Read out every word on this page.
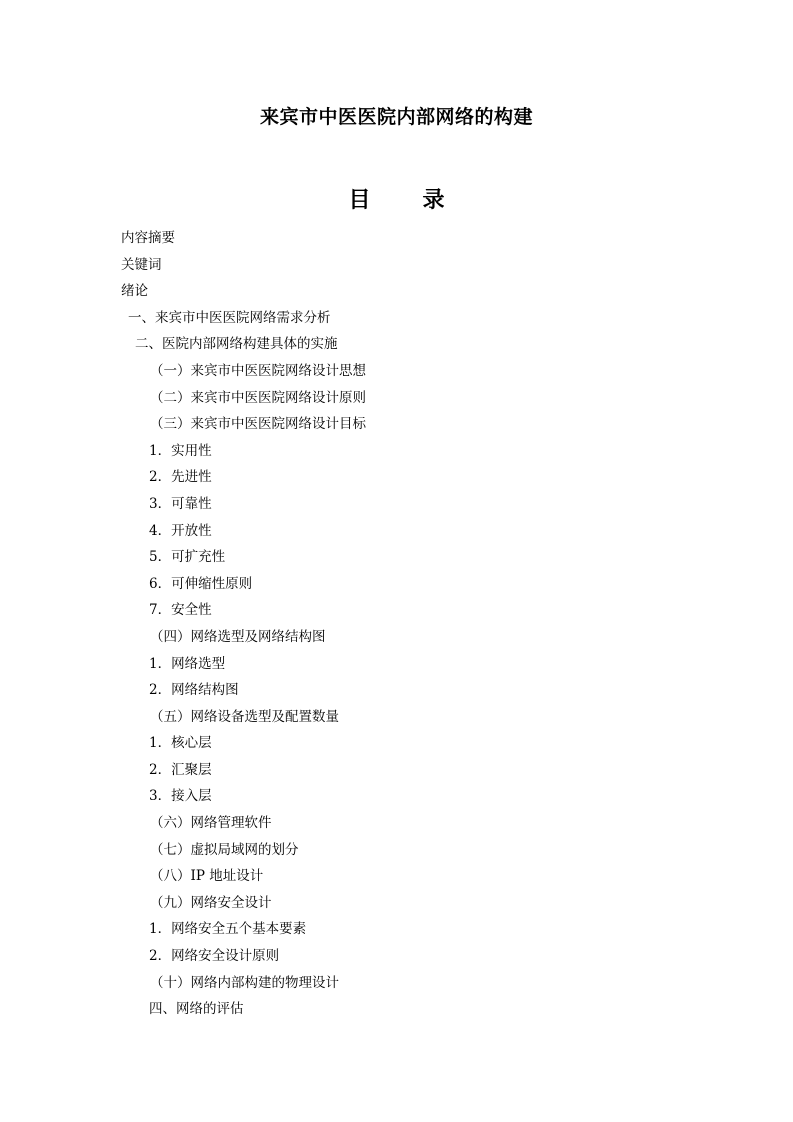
来宾市中医医院内部网络的构建
目 录
内容摘要
关键词
绪论
一、来宾市中医医院网络需求分析
二、医院内部网络构建具体的实施
（一）来宾市中医医院网络设计思想
（二）来宾市中医医院网络设计原则
（三）来宾市中医医院网络设计目标
1．实用性
2．先进性
3．可靠性
4．开放性
5．可扩充性
6．可伸缩性原则
7．安全性
（四）网络选型及网络结构图
1．网络选型
2．网络结构图
（五）网络设备选型及配置数量
1．核心层
2．汇聚层
3．接入层
（六）网络管理软件
（七）虚拟局域网的划分
（八）IP 地址设计
（九）网络安全设计
1．网络安全五个基本要素
2．网络安全设计原则
（十）网络内部构建的物理设计
四、网络的评估
